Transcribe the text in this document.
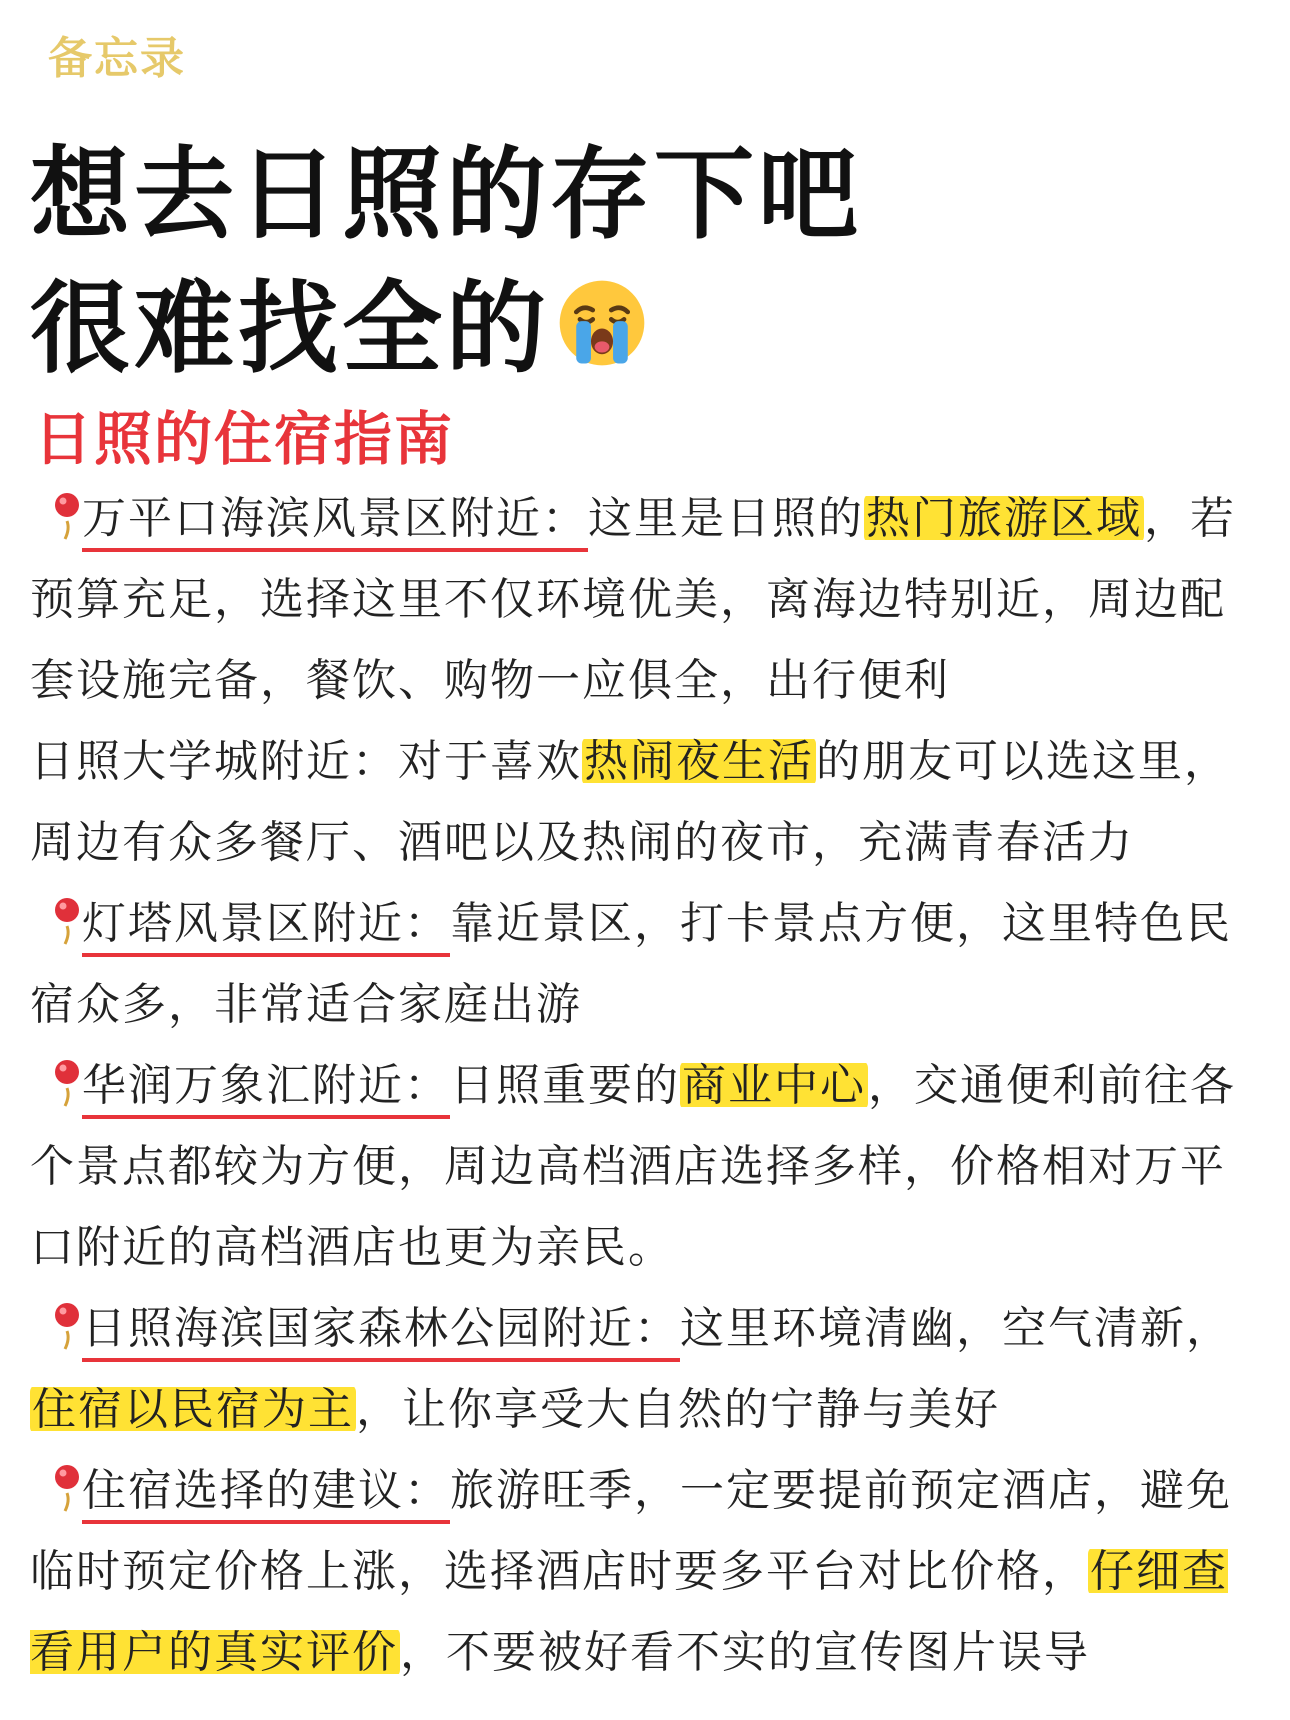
备忘录
想去日照的存下吧
很难找全的
日照的住宿指南

万平口海滨风景区附近：这里是日照的热门旅游区域，若预算充足，选择这里不仅环境优美，离海边特别近，周边配套设施完备，餐饮、购物一应俱全，出行便利

日照大学城附近：对于喜欢热闹夜生活的朋友可以选这里，周边有众多餐厅、酒吧以及热闹的夜市，充满青春活力

灯塔风景区附近：靠近景区，打卡景点方便，这里特色民宿众多，非常适合家庭出游

华润万象汇附近：日照重要的商业中心，交通便利前往各个景点都较为方便，周边高档酒店选择多样，价格相对万平口附近的高档酒店也更为亲民。

日照海滨国家森林公园附近：这里环境清幽，空气清新，住宿以民宿为主，让你享受大自然的宁静与美好

住宿选择的建议：旅游旺季，一定要提前预定酒店，避免临时预定价格上涨，选择酒店时要多平台对比价格，仔细查看用户的真实评价，不要被好看不实的宣传图片误导
